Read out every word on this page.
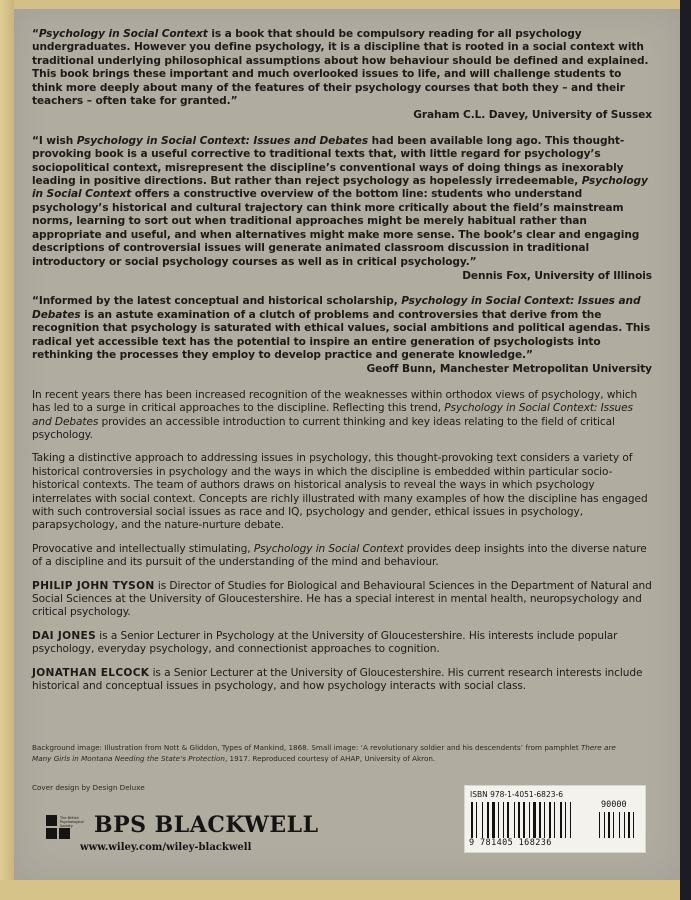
“Psychology in Social Context is a book that should be compulsory reading for all psychology undergraduates. However you define psychology, it is a discipline that is rooted in a social context with traditional underlying philosophical assumptions about how behaviour should be defined and explained. This book brings these important and much overlooked issues to life, and will challenge students to think more deeply about many of the features of their psychology courses that both they – and their teachers – often take for granted.”

Graham C.L. Davey, University of Sussex

“I wish Psychology in Social Context: Issues and Debates had been available long ago. This thought-provoking book is a useful corrective to traditional texts that, with little regard for psychology’s sociopolitical context, misrepresent the discipline’s conventional ways of doing things as inexorably leading in positive directions. But rather than reject psychology as hopelessly irredeemable, Psychology in Social Context offers a constructive overview of the bottom line: students who understand psychology’s historical and cultural trajectory can think more critically about the field’s mainstream norms, learning to sort out when traditional approaches might be merely habitual rather than appropriate and useful, and when alternatives might make more sense. The book’s clear and engaging descriptions of controversial issues will generate animated classroom discussion in traditional introductory or social psychology courses as well as in critical psychology.”

Dennis Fox, University of Illinois

“Informed by the latest conceptual and historical scholarship, Psychology in Social Context: Issues and Debates is an astute examination of a clutch of problems and controversies that derive from the recognition that psychology is saturated with ethical values, social ambitions and political agendas. This radical yet accessible text has the potential to inspire an entire generation of psychologists into rethinking the processes they employ to develop practice and generate knowledge.”

Geoff Bunn, Manchester Metropolitan University

In recent years there has been increased recognition of the weaknesses within orthodox views of psychology, which has led to a surge in critical approaches to the discipline. Reflecting this trend, Psychology in Social Context: Issues and Debates provides an accessible introduction to current thinking and key ideas relating to the field of critical psychology.

Taking a distinctive approach to addressing issues in psychology, this thought-provoking text considers a variety of historical controversies in psychology and the ways in which the discipline is embedded within particular socio-historical contexts. The team of authors draws on historical analysis to reveal the ways in which psychology interrelates with social context. Concepts are richly illustrated with many examples of how the discipline has engaged with such controversial social issues as race and IQ, psychology and gender, ethical issues in psychology, parapsychology, and the nature-nurture debate.

Provocative and intellectually stimulating, Psychology in Social Context provides deep insights into the diverse nature of a discipline and its pursuit of the understanding of the mind and behaviour.

PHILIP JOHN TYSON is Director of Studies for Biological and Behavioural Sciences in the Department of Natural and Social Sciences at the University of Gloucestershire. He has a special interest in mental health, neuropsychology and critical psychology.

DAI JONES is a Senior Lecturer in Psychology at the University of Gloucestershire. His interests include popular psychology, everyday psychology, and connectionist approaches to cognition.

JONATHAN ELCOCK is a Senior Lecturer at the University of Gloucestershire. His current research interests include historical and conceptual issues in psychology, and how psychology interacts with social class.

Background image: Illustration from Nott & Gliddon, Types of Mankind, 1868. Small image: ‘A revolutionary soldier and his descendents’ from pamphlet There are Many Girls in Montana Needing the State’s Protection, 1917. Reproduced courtesy of AHAP, University of Akron.

Cover design by Design Deluxe
The British Psychological Society BPS BLACKWELL
www.wiley.com/wiley-blackwell
ISBN 978-1-4051-6823-6
90000
9 781405 168236
